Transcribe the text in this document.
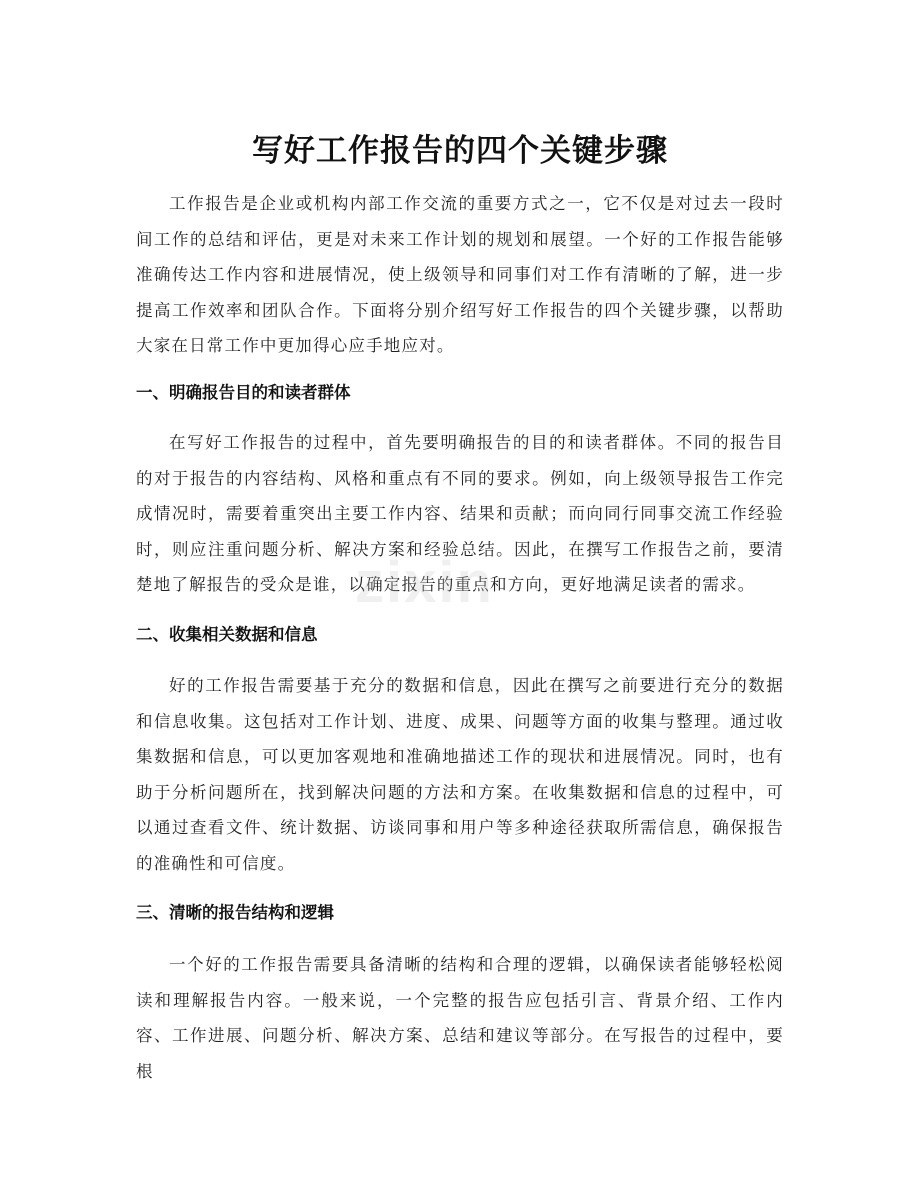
写好工作报告的四个关键步骤

工作报告是企业或机构内部工作交流的重要方式之一，它不仅是对过去一段时间工作的总结和评估，更是对未来工作计划的规划和展望。一个好的工作报告能够准确传达工作内容和进展情况，使上级领导和同事们对工作有清晰的了解，进一步提高工作效率和团队合作。下面将分别介绍写好工作报告的四个关键步骤，以帮助大家在日常工作中更加得心应手地应对。

一、明确报告目的和读者群体

在写好工作报告的过程中，首先要明确报告的目的和读者群体。不同的报告目的对于报告的内容结构、风格和重点有不同的要求。例如，向上级领导报告工作完成情况时，需要着重突出主要工作内容、结果和贡献；而向同行同事交流工作经验时，则应注重问题分析、解决方案和经验总结。因此，在撰写工作报告之前，要清楚地了解报告的受众是谁，以确定报告的重点和方向，更好地满足读者的需求。

二、收集相关数据和信息

好的工作报告需要基于充分的数据和信息，因此在撰写之前要进行充分的数据和信息收集。这包括对工作计划、进度、成果、问题等方面的收集与整理。通过收集数据和信息，可以更加客观地和准确地描述工作的现状和进展情况。同时，也有助于分析问题所在，找到解决问题的方法和方案。在收集数据和信息的过程中，可以通过查看文件、统计数据、访谈同事和用户等多种途径获取所需信息，确保报告的准确性和可信度。

三、清晰的报告结构和逻辑

一个好的工作报告需要具备清晰的结构和合理的逻辑，以确保读者能够轻松阅读和理解报告内容。一般来说，一个完整的报告应包括引言、背景介绍、工作内容、工作进展、问题分析、解决方案、总结和建议等部分。在写报告的过程中，要根

zixin
